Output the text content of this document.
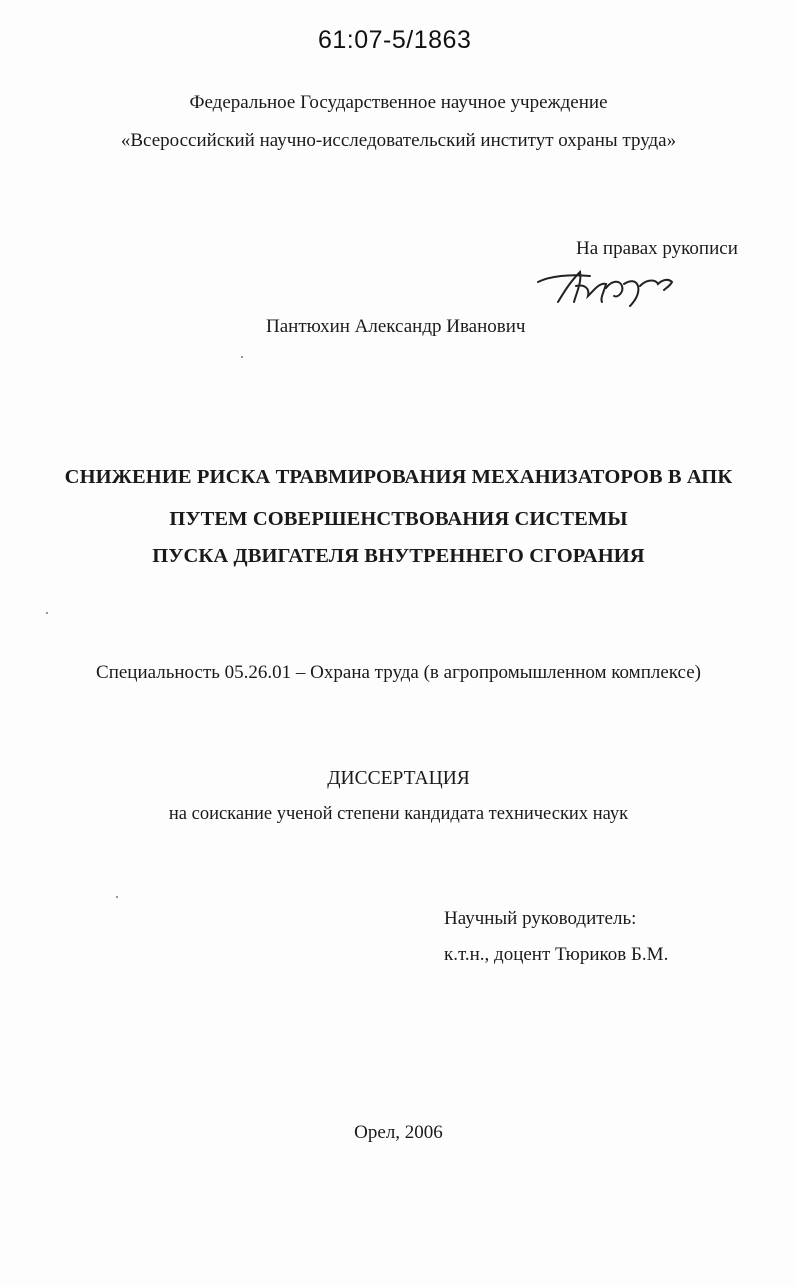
61:07-5/1863
Федеральное Государственное научное учреждение
«Всероссийский научно-исследовательский институт охраны труда»
На правах рукописи
Пантюхин Александр Иванович
СНИЖЕНИЕ РИСКА ТРАВМИРОВАНИЯ МЕХАНИЗАТОРОВ В АПК
ПУТЕМ СОВЕРШЕНСТВОВАНИЯ СИСТЕМЫ
ПУСКА ДВИГАТЕЛЯ ВНУТРЕННЕГО СГОРАНИЯ
Специальность 05.26.01 – Охрана труда (в агропромышленном комплексе)
ДИССЕРТАЦИЯ
на соискание ученой степени кандидата технических наук
Научный руководитель:
к.т.н., доцент Тюриков Б.М.
Орел, 2006
